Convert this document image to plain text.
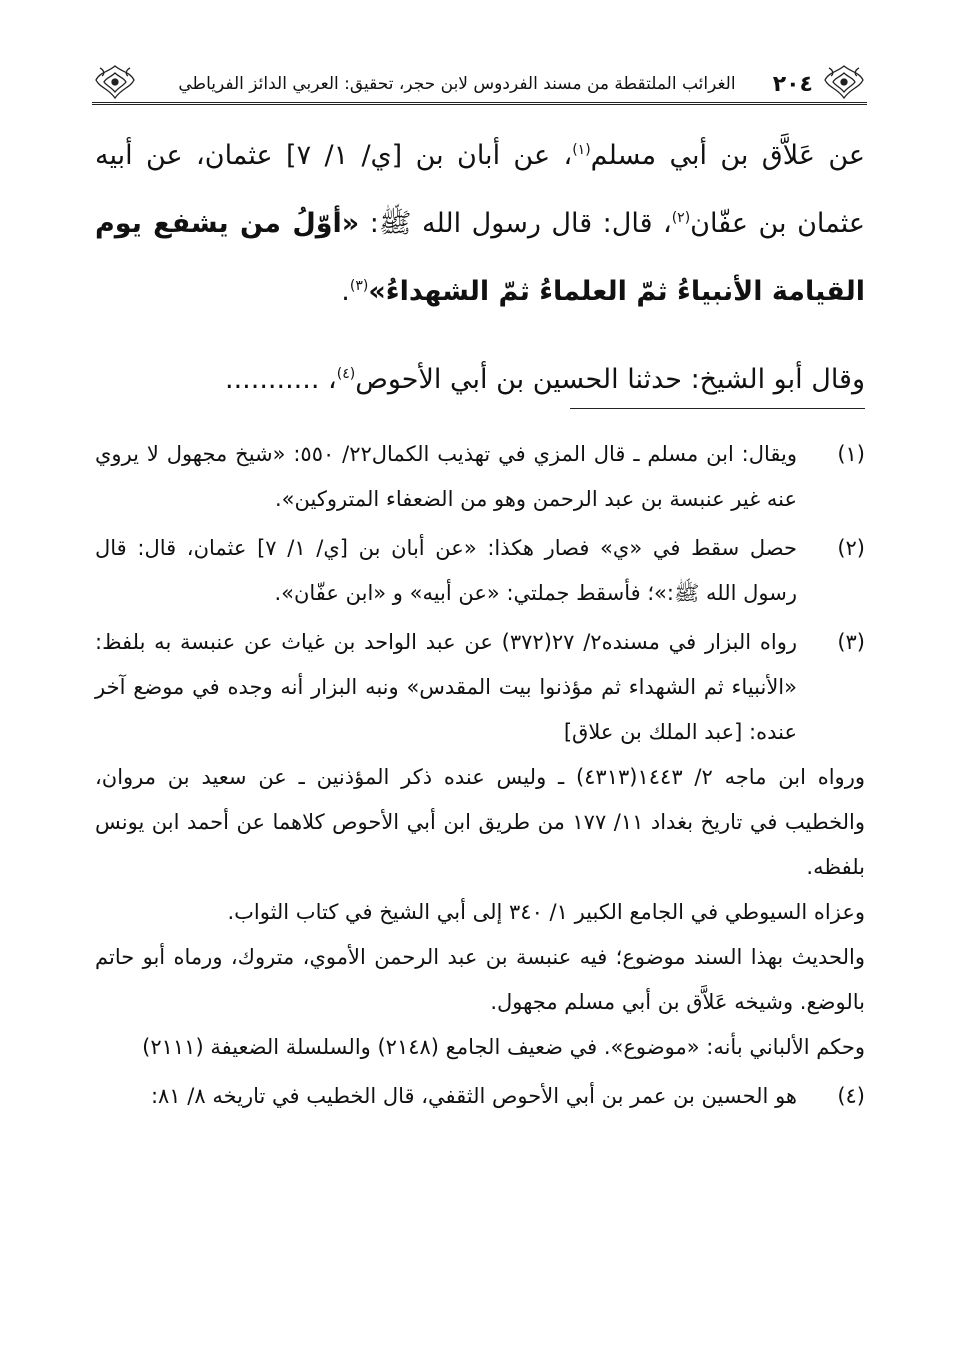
٢٠٤
الغرائب الملتقطة من مسند الفردوس لابن حجر، تحقيق: العربي الدائز الفرياطي

عن عَلاَّق بن أبي مسلم$^{(١)}$، عن أبان بن [ي/ ١/ ٧] عثمان، عن أبيه عثمان بن عفّان$^{(٢)}$، قال: قال رسول الله ﷺ: «أوّلُ من يشفع يوم القيامة الأنبياءُ ثمّ العلماءُ ثمّ الشهداءُ»$^{(٣)}$.

وقال أبو الشيخ: حدثنا الحسين بن أبي الأحوص$^{(٤)}$، ...........

(١)

ويقال: ابن مسلم ـ قال المزي في تهذيب الكمال٢٢/ ٥٥٠: «شيخ مجهول لا يروي عنه غير عنبسة بن عبد الرحمن وهو من الضعفاء المتروكين».

(٢)

حصل سقط في «ي» فصار هكذا: «عن أبان بن [ي/ ١/ ٧] عثمان، قال: قال رسول الله ﷺ:»؛ فأسقط جملتي: «عن أبيه» و «ابن عفّان».

(٣)

رواه البزار في مسنده٢/ ٢٧(٣٧٢) عن عبد الواحد بن غياث عن عنبسة به بلفظ: «الأنبياء ثم الشهداء ثم مؤذنوا بيت المقدس» ونبه البزار أنه وجده في موضع آخر عنده: [عبد الملك بن علاق]

ورواه ابن ماجه ٢/ ١٤٤٣(٤٣١٣) ـ وليس عنده ذكر المؤذنين ـ عن سعيد بن مروان، والخطيب في تاريخ بغداد ١١/ ١٧٧ من طريق ابن أبي الأحوص كلاهما عن أحمد ابن يونس بلفظه.

وعزاه السيوطي في الجامع الكبير ١/ ٣٤٠ إلى أبي الشيخ في كتاب الثواب.

والحديث بهذا السند موضوع؛ فيه عنبسة بن عبد الرحمن الأموي، متروك، ورماه أبو حاتم بالوضع. وشيخه عَلاَّق بن أبي مسلم مجهول.

وحكم الألباني بأنه: «موضوع». في ضعيف الجامع (٢١٤٨) والسلسلة الضعيفة (٢١١١)

(٤)

هو الحسين بن عمر بن أبي الأحوص الثقفي، قال الخطيب في تاريخه ٨/ ٨١:
